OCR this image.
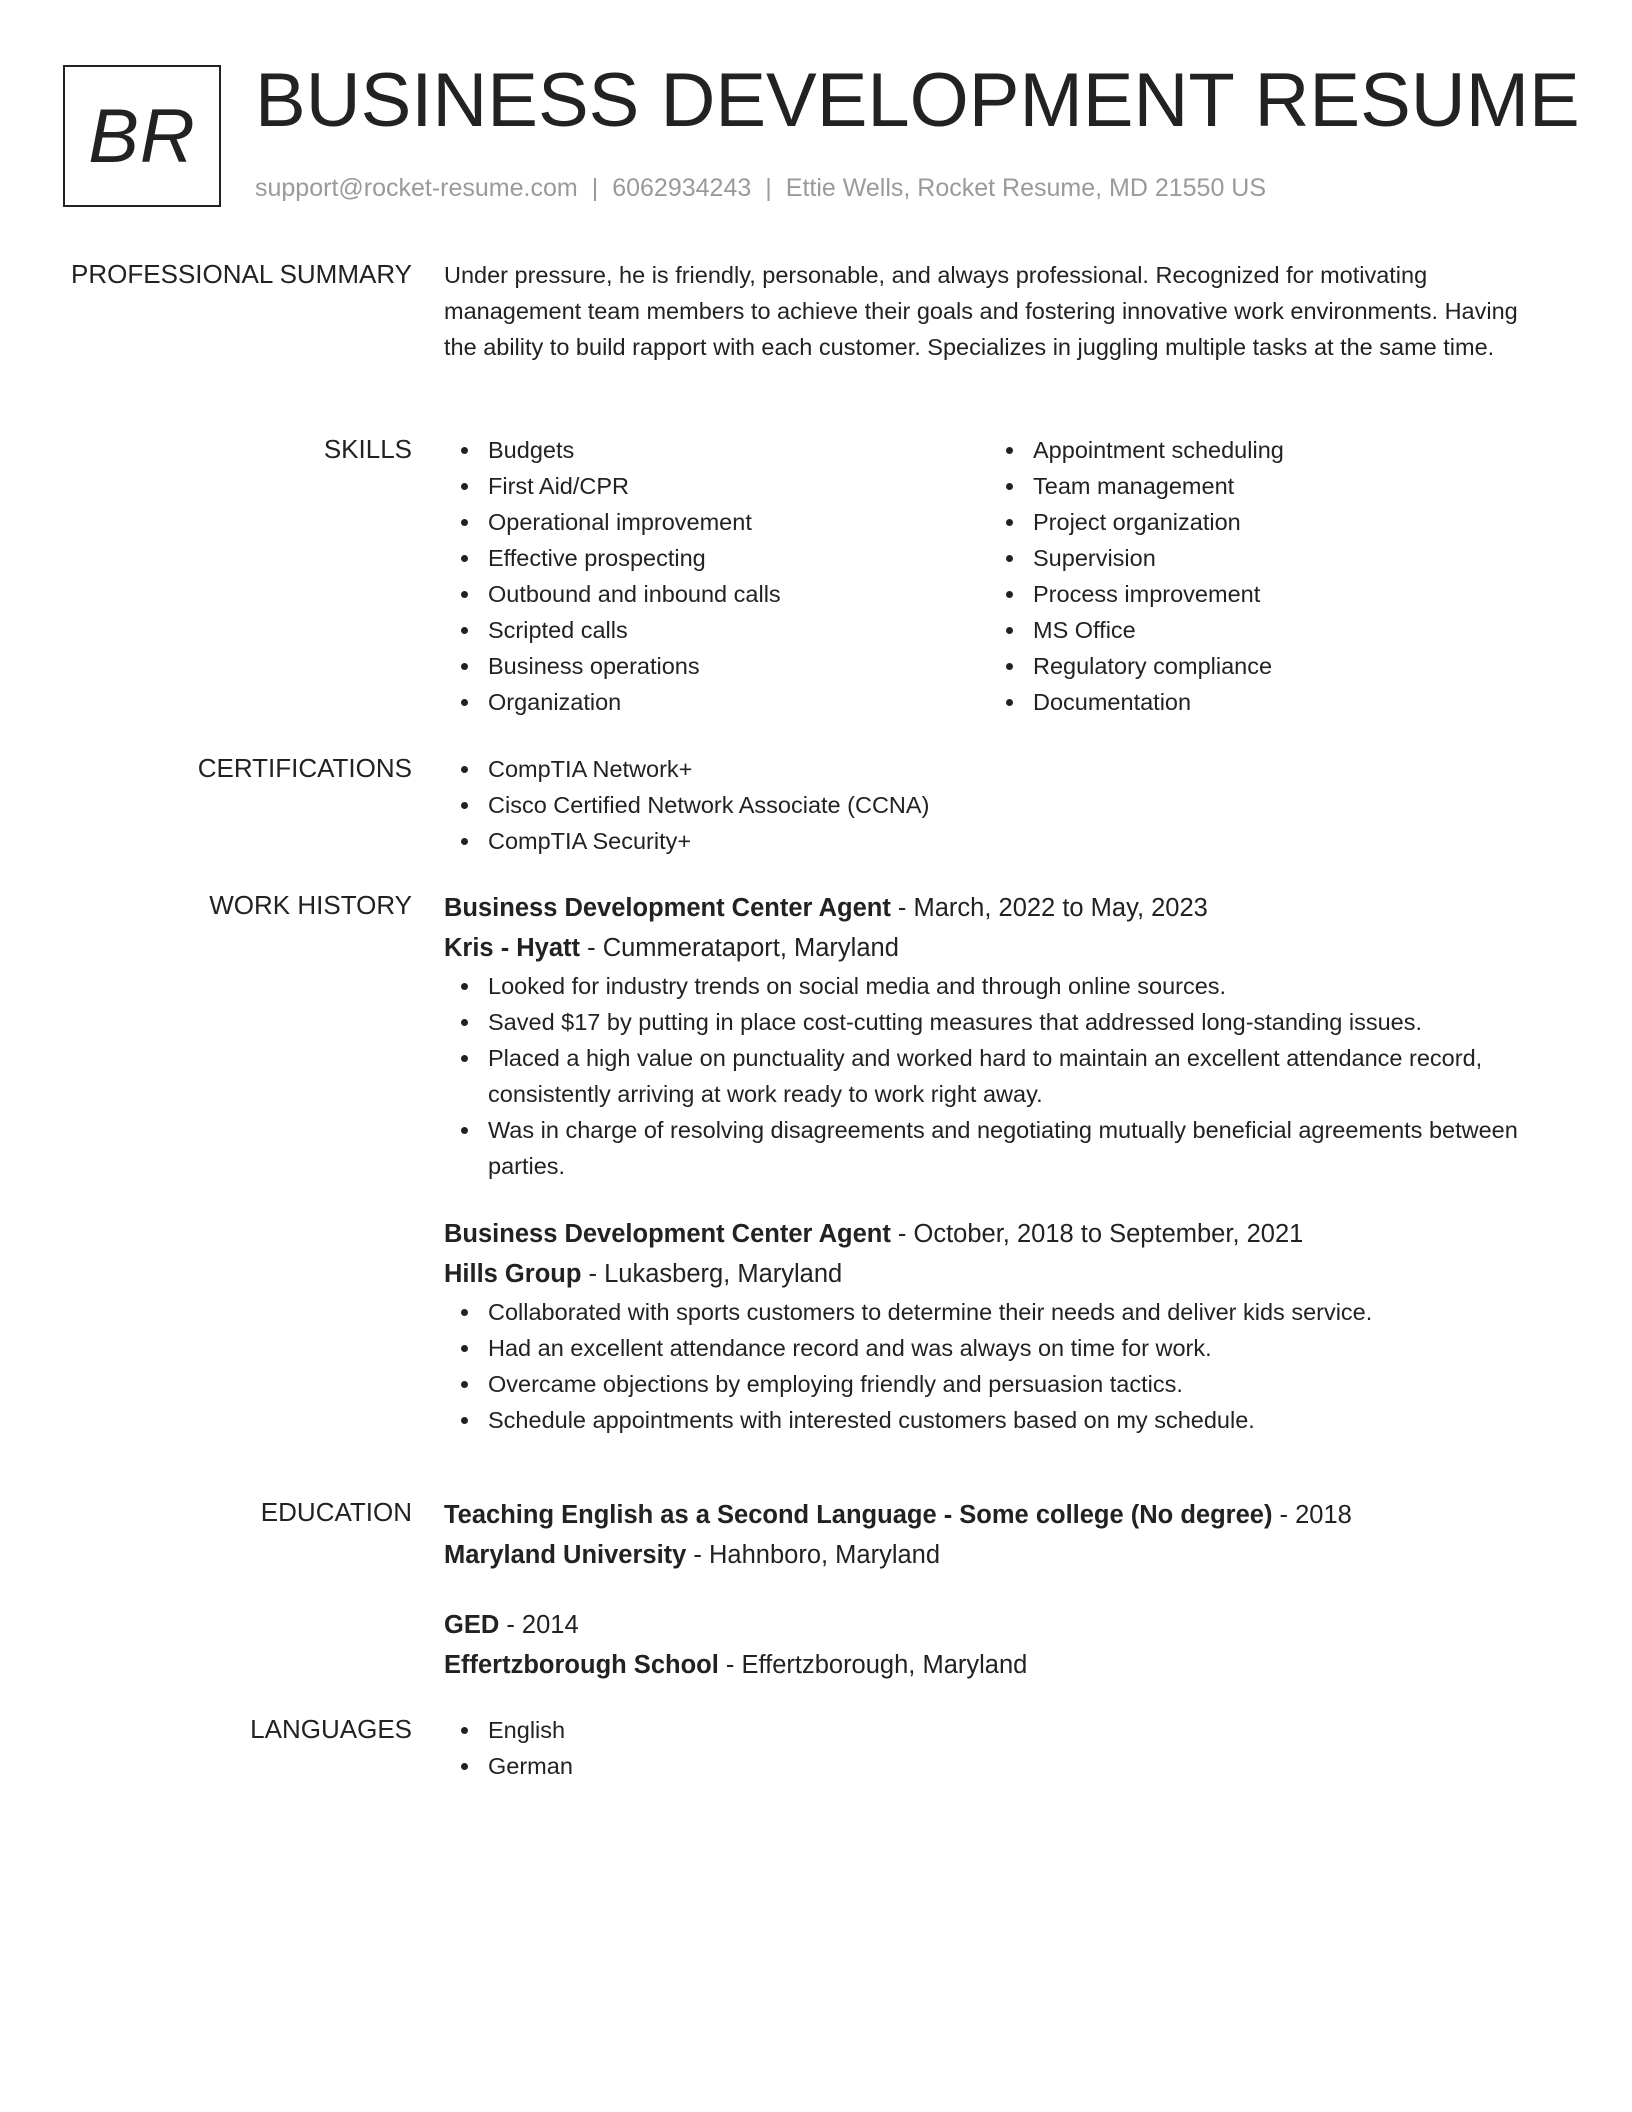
BR BUSINESS DEVELOPMENT RESUME
support@rocket-resume.com | 6062934243 | Ettie Wells, Rocket Resume, MD 21550 US
PROFESSIONAL SUMMARY Under pressure, he is friendly, personable, and always professional. Recognized for motivating management team members to achieve their goals and fostering innovative work environments. Having the ability to build rapport with each customer. Specializes in juggling multiple tasks at the same time.

SKILLS	Budgets
First Aid/CPR
Operational improvement
Effective prospecting
Outbound and inbound calls
Scripted calls
Business operations
Organization
Appointment scheduling
Team management
Project organization
Supervision
Process improvement
MS Office
Regulatory compliance
Documentation
CERTIFICATIONS	CompTIA Network+
Cisco Certified Network Associate (CCNA)
CompTIA Security+
WORK HISTORY Business Development Center Agent - March, 2022 to May, 2023
Kris - Hyatt - Cummerataport, Maryland
Looked for industry trends on social media and through online sources.
Saved $17 by putting in place cost-cutting measures that addressed long-standing issues.
Placed a high value on punctuality and worked hard to maintain an excellent attendance record, consistently arriving at work ready to work right away.
Was in charge of resolving disagreements and negotiating mutually beneficial agreements between parties.
Business Development Center Agent - October, 2018 to September, 2021
Hills Group - Lukasberg, Maryland
Collaborated with sports customers to determine their needs and deliver kids service.
Had an excellent attendance record and was always on time for work.
Overcame objections by employing friendly and persuasion tactics.
Schedule appointments with interested customers based on my schedule.
EDUCATION Teaching English as a Second Language - Some college (No degree) - 2018
Maryland University - Hahnboro, Maryland
GED - 2014
Effertzborough School - Effertzborough, Maryland
LANGUAGES	English
German
